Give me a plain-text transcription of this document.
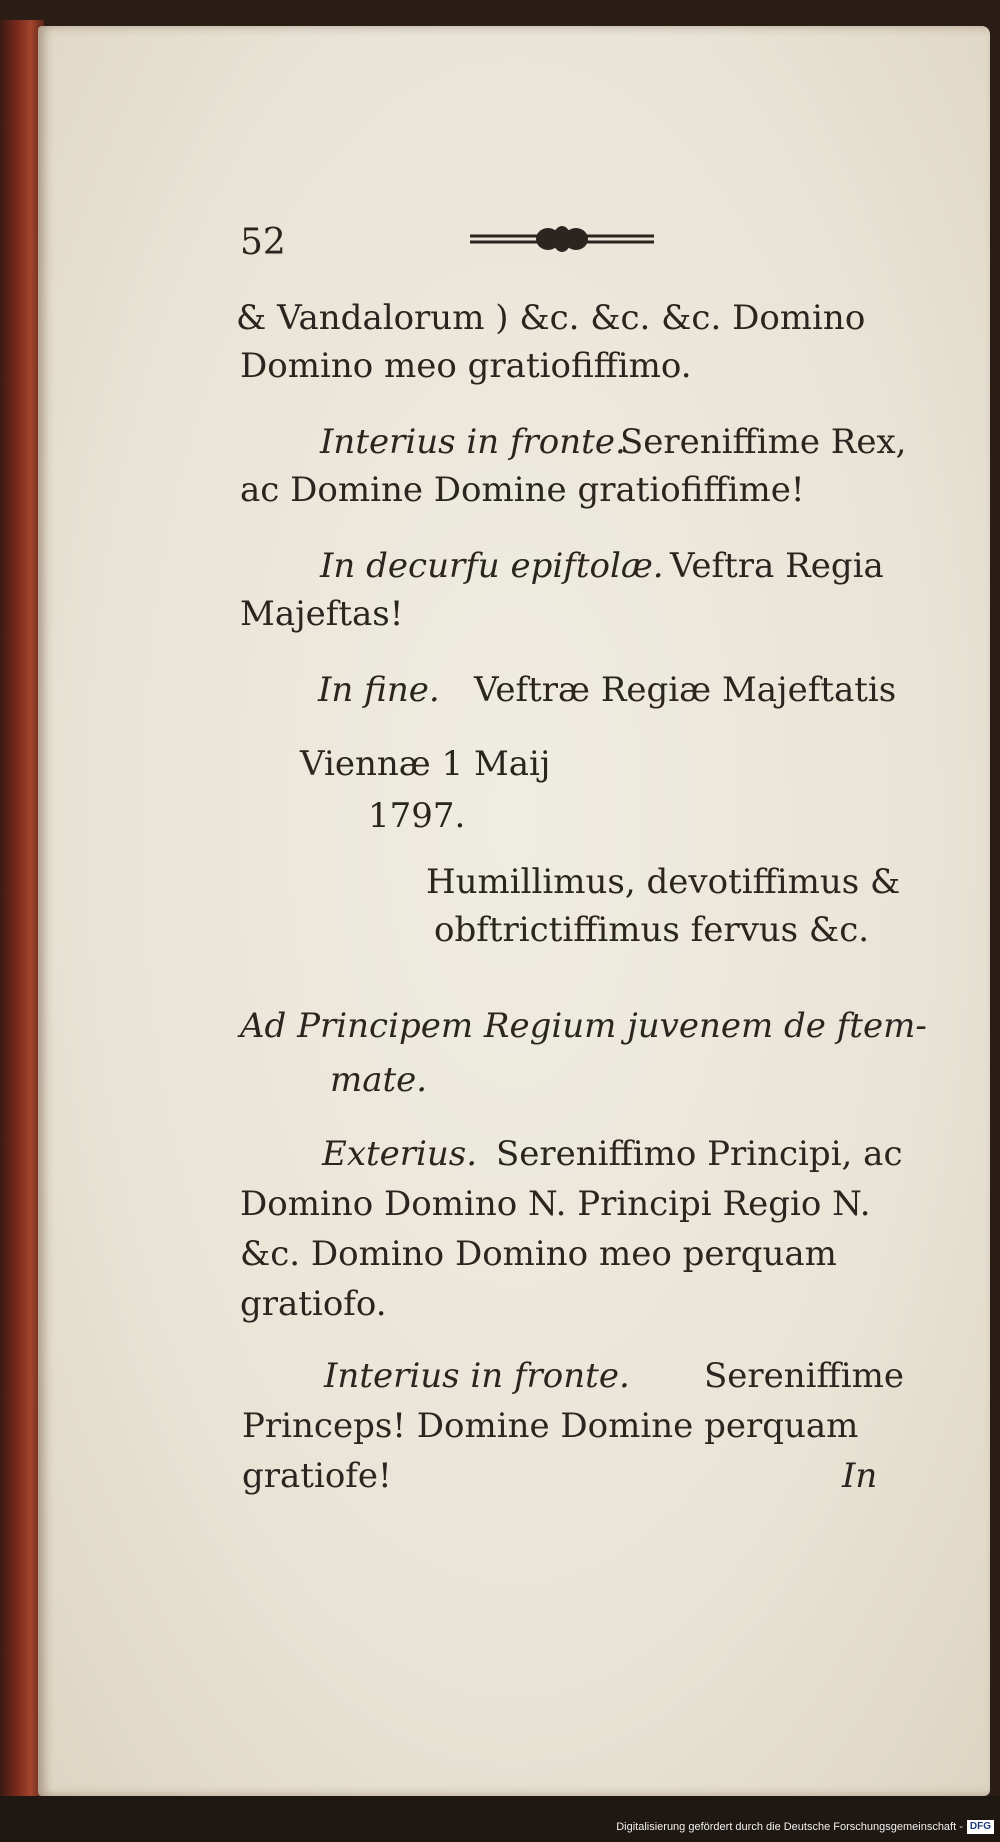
52
& Vandalorum ) &c. &c. &c. Domino
Domino meo gratiofiffimo.
Interius in fronte.
Sereniffime Rex,
ac Domine Domine gratiofiffime!
In decurfu epiftolæ. Veftra Regia
Majeftas!
In fine. Veftræ Regiæ Majeftatis
Viennæ 1 Maij
1797.
Humillimus, devotiffimus &
obftrictiffimus fervus &c.
Ad Principem Regium juvenem de ftem-
mate.
Exterius. Sereniffimo Principi, ac
Domino Domino N. Principi Regio N.
&c. Domino Domino meo perquam
gratiofo.
Interius in fronte. Sereniffime
Princeps! Domine Domine perquam
gratiofe!	In
Digitalisierung gefördert durch die Deutsche Forschungsgemeinschaft - DFG
